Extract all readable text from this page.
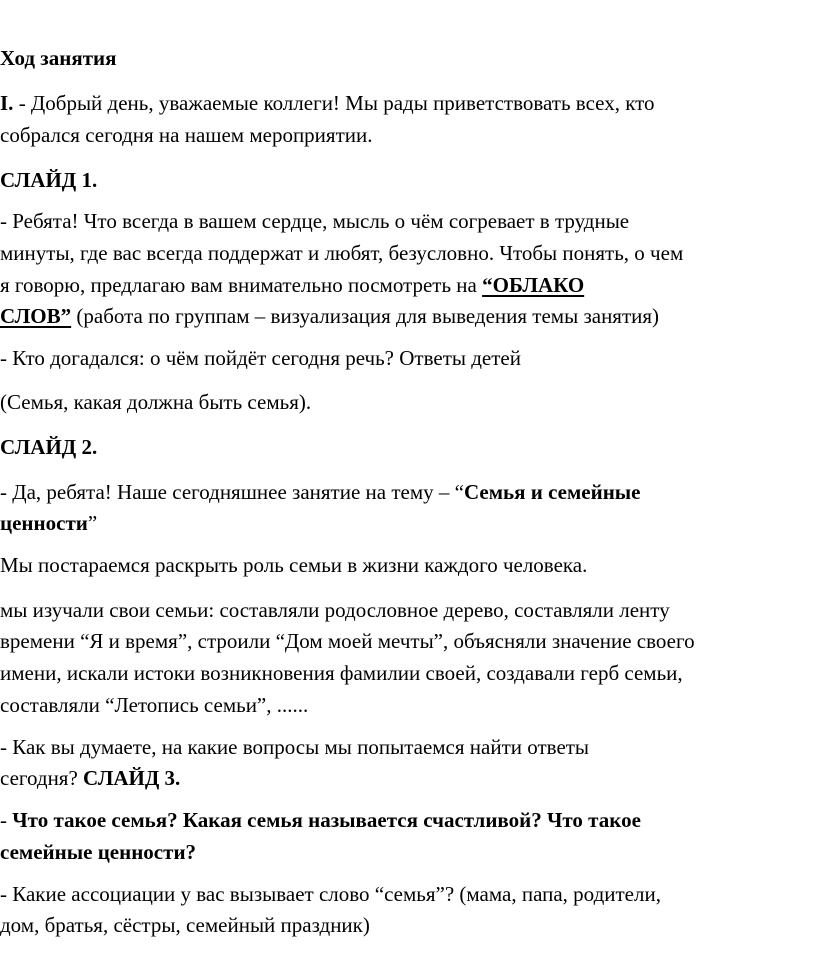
Ход занятия

I. - Добрый день, уважаемые коллеги! Мы рады приветствовать всех, кто

собрался сегодня на нашем мероприятии.

СЛАЙД 1.

- Ребята! Что всегда в вашем сердце, мысль о чём согревает в трудные

минуты, где вас всегда поддержат и любят, безусловно. Чтобы понять, о чем

я говорю, предлагаю вам внимательно посмотреть на “ОБЛАКО

СЛОВ” (работа по группам – визуализация для выведения темы занятия)

- Кто догадался: о чём пойдёт сегодня речь? Ответы детей

(Семья, какая должна быть семья).

СЛАЙД 2.

- Да, ребята! Наше сегодняшнее занятие на тему – “Семья и семейные

ценности”

Мы постараемся раскрыть роль семьи в жизни каждого человека.

мы изучали свои семьи: составляли родословное дерево, составляли ленту

времени “Я и время”, строили “Дом моей мечты”, объясняли значение своего

имени, искали истоки возникновения фамилии своей, создавали герб семьи,

составляли “Летопись семьи”, ......

- Как вы думаете, на какие вопросы мы попытаемся найти ответы

сегодня? СЛАЙД 3.

- Что такое семья? Какая семья называется счастливой? Что такое

семейные ценности?

- Какие ассоциации у вас вызывает слово “семья”? (мама, папа, родители,

дом, братья, сёстры, семейный праздник)
